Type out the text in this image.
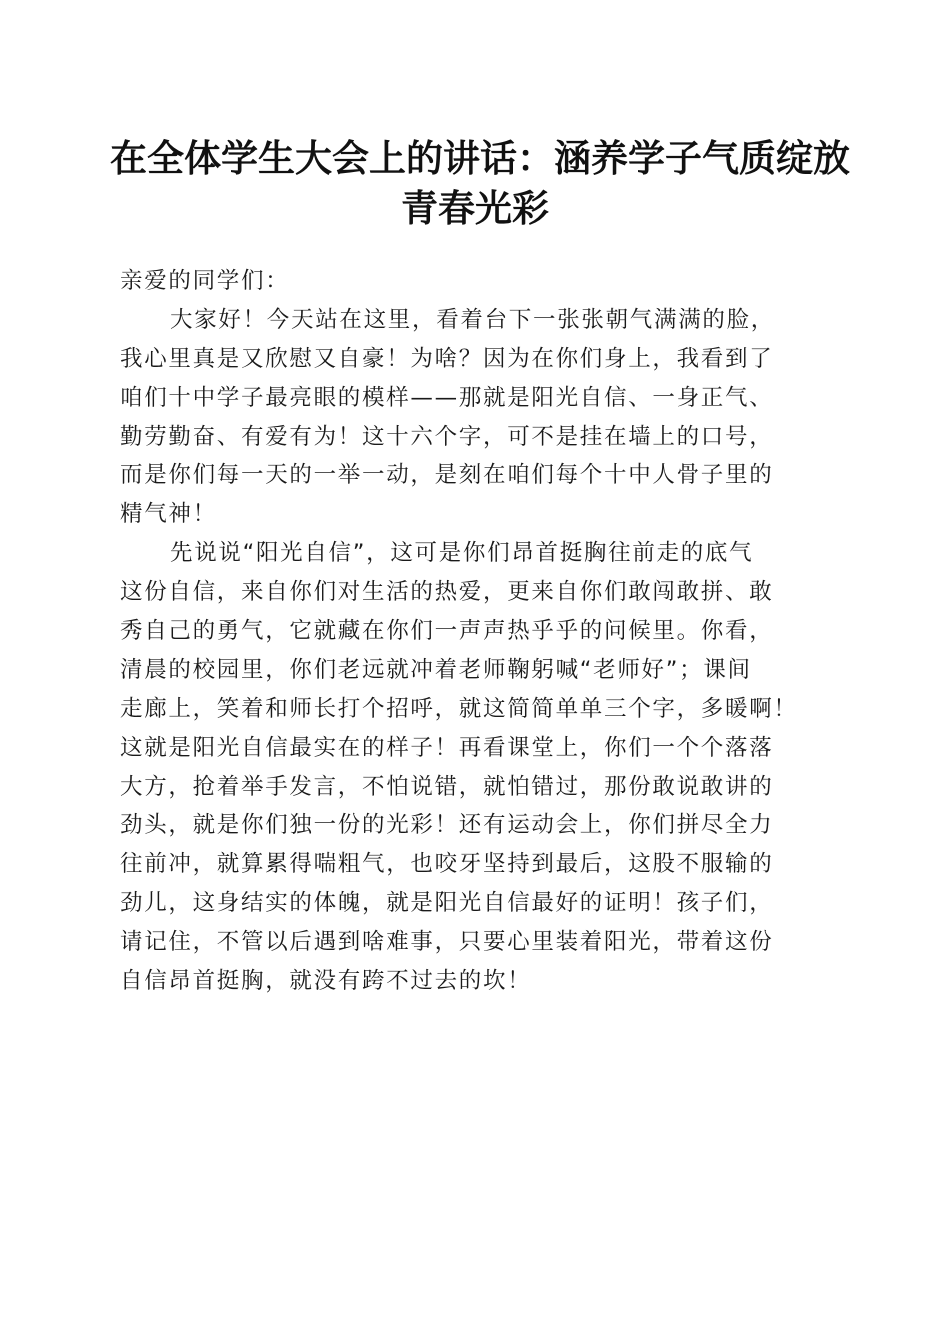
在全体学生大会上的讲话：涵养学子气质绽放
青春光彩
亲爱的同学们：
大家好！今天站在这里，看着台下一张张朝气满满的脸，
我心里真是又欣慰又自豪！为啥？因为在你们身上，我看到了
咱们十中学子最亮眼的模样——那就是阳光自信、一身正气、
勤劳勤奋、有爱有为！这十六个字，可不是挂在墙上的口号，
而是你们每一天的一举一动，是刻在咱们每个十中人骨子里的
精气神！
先说说“阳光自信”，这可是你们昂首挺胸往前走的底气
这份自信，来自你们对生活的热爱，更来自你们敢闯敢拼、敢
秀自己的勇气，它就藏在你们一声声热乎乎的问候里。你看，
清晨的校园里，你们老远就冲着老师鞠躬喊“老师好”；课间
走廊上，笑着和师长打个招呼，就这简简单单三个字，多暖啊！
这就是阳光自信最实在的样子！再看课堂上，你们一个个落落
大方，抢着举手发言，不怕说错，就怕错过，那份敢说敢讲的
劲头，就是你们独一份的光彩！还有运动会上，你们拼尽全力
往前冲，就算累得喘粗气，也咬牙坚持到最后，这股不服输的
劲儿，这身结实的体魄，就是阳光自信最好的证明！孩子们，
请记住，不管以后遇到啥难事，只要心里装着阳光，带着这份
自信昂首挺胸，就没有跨不过去的坎！
